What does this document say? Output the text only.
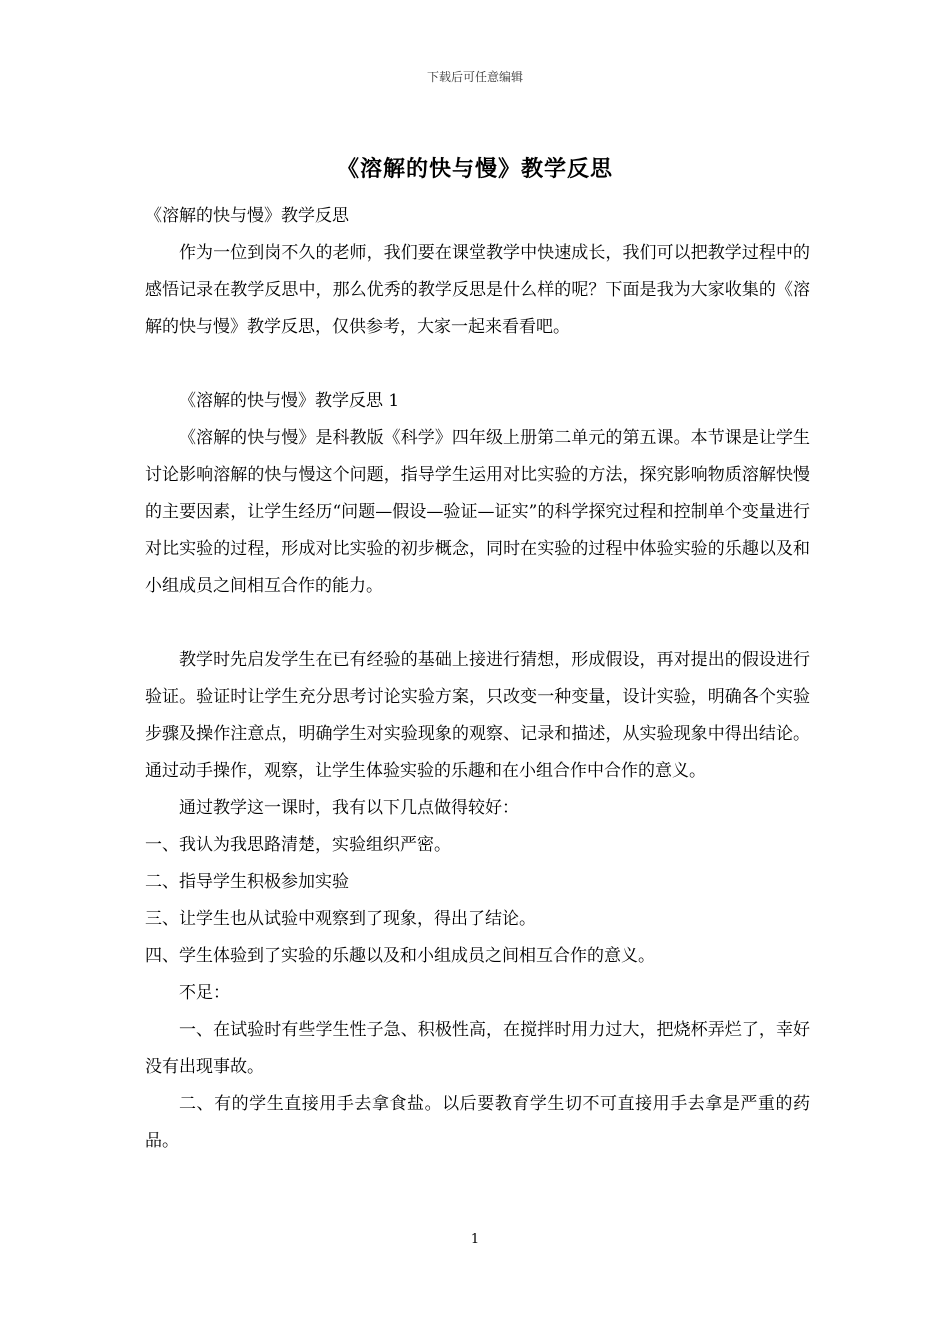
下载后可任意编辑
《溶解的快与慢》教学反思

《溶解的快与慢》教学反思

作为一位到岗不久的老师，我们要在课堂教学中快速成长，我们可以把教学过程中的感悟记录在教学反思中，那么优秀的教学反思是什么样的呢？下面是我为大家收集的《溶解的快与慢》教学反思，仅供参考，大家一起来看看吧。

《溶解的快与慢》教学反思 1

《溶解的快与慢》是科教版《科学》四年级上册第二单元的第五课。本节课是让学生讨论影响溶解的快与慢这个问题，指导学生运用对比实验的方法，探究影响物质溶解快慢的主要因素，让学生经历“问题—假设—验证—证实”的科学探究过程和控制单个变量进行对比实验的过程，形成对比实验的初步概念，同时在实验的过程中体验实验的乐趣以及和小组成员之间相互合作的能力。

教学时先启发学生在已有经验的基础上接进行猜想，形成假设，再对提出的假设进行验证。验证时让学生充分思考讨论实验方案，只改变一种变量，设计实验，明确各个实验步骤及操作注意点，明确学生对实验现象的观察、记录和描述，从实验现象中得出结论。通过动手操作，观察，让学生体验实验的乐趣和在小组合作中合作的意义。

通过教学这一课时，我有以下几点做得较好：

一、我认为我思路清楚，实验组织严密。

二、指导学生积极参加实验

三、让学生也从试验中观察到了现象，得出了结论。

四、学生体验到了实验的乐趣以及和小组成员之间相互合作的意义。

不足：

一、在试验时有些学生性子急、积极性高，在搅拌时用力过大，把烧杯弄烂了，幸好没有出现事故。

二、有的学生直接用手去拿食盐。以后要教育学生切不可直接用手去拿是严重的药品。

1
